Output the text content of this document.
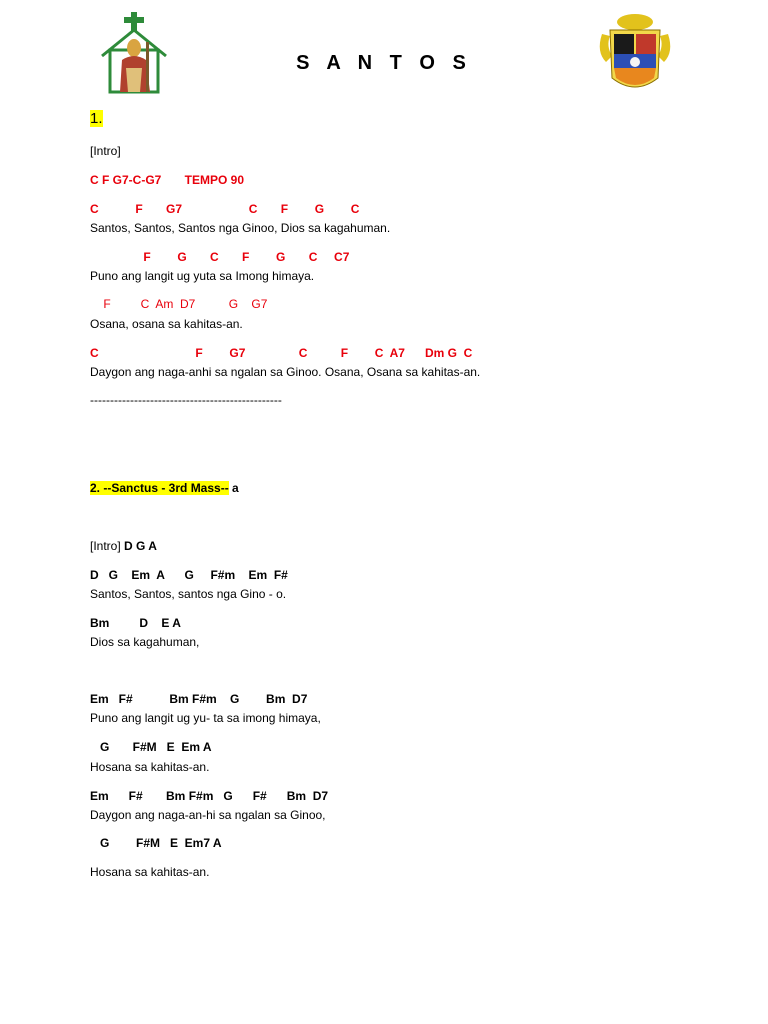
S A N T O S
1.
[Intro]
C F G7-C-G7       TEMPO 90
C           F       G7                    C       F        G        C
Santos, Santos, Santos nga Ginoo, Dios sa kagahuman.
F        G       C       F        G       C     C7
Puno ang langit ug yuta sa Imong himaya.
F         C  Am  D7          G    G7
Osana, osana sa kahitas-an.
C                             F        G7                C          F        C  A7      Dm G  C
Daygon ang naga-anhi sa ngalan sa Ginoo. Osana, Osana sa kahitas-an.
------------------------------------------------
2. --Sanctus - 3rd Mass-- a
[Intro] D G A
D   G    Em  A      G     F#m    Em  F#
Santos, Santos, santos nga Gino - o.
Bm         D    E A
Dios sa kagahuman,
Em   F#           Bm F#m    G        Bm  D7
Puno ang langit ug yu- ta sa imong himaya,
G       F#M   E  Em A
Hosana sa kahitas-an.
Em      F#       Bm F#m   G      F#      Bm  D7
Daygon ang naga-an-hi sa ngalan sa Ginoo,
G        F#M   E  Em7 A
Hosana sa kahitas-an.
